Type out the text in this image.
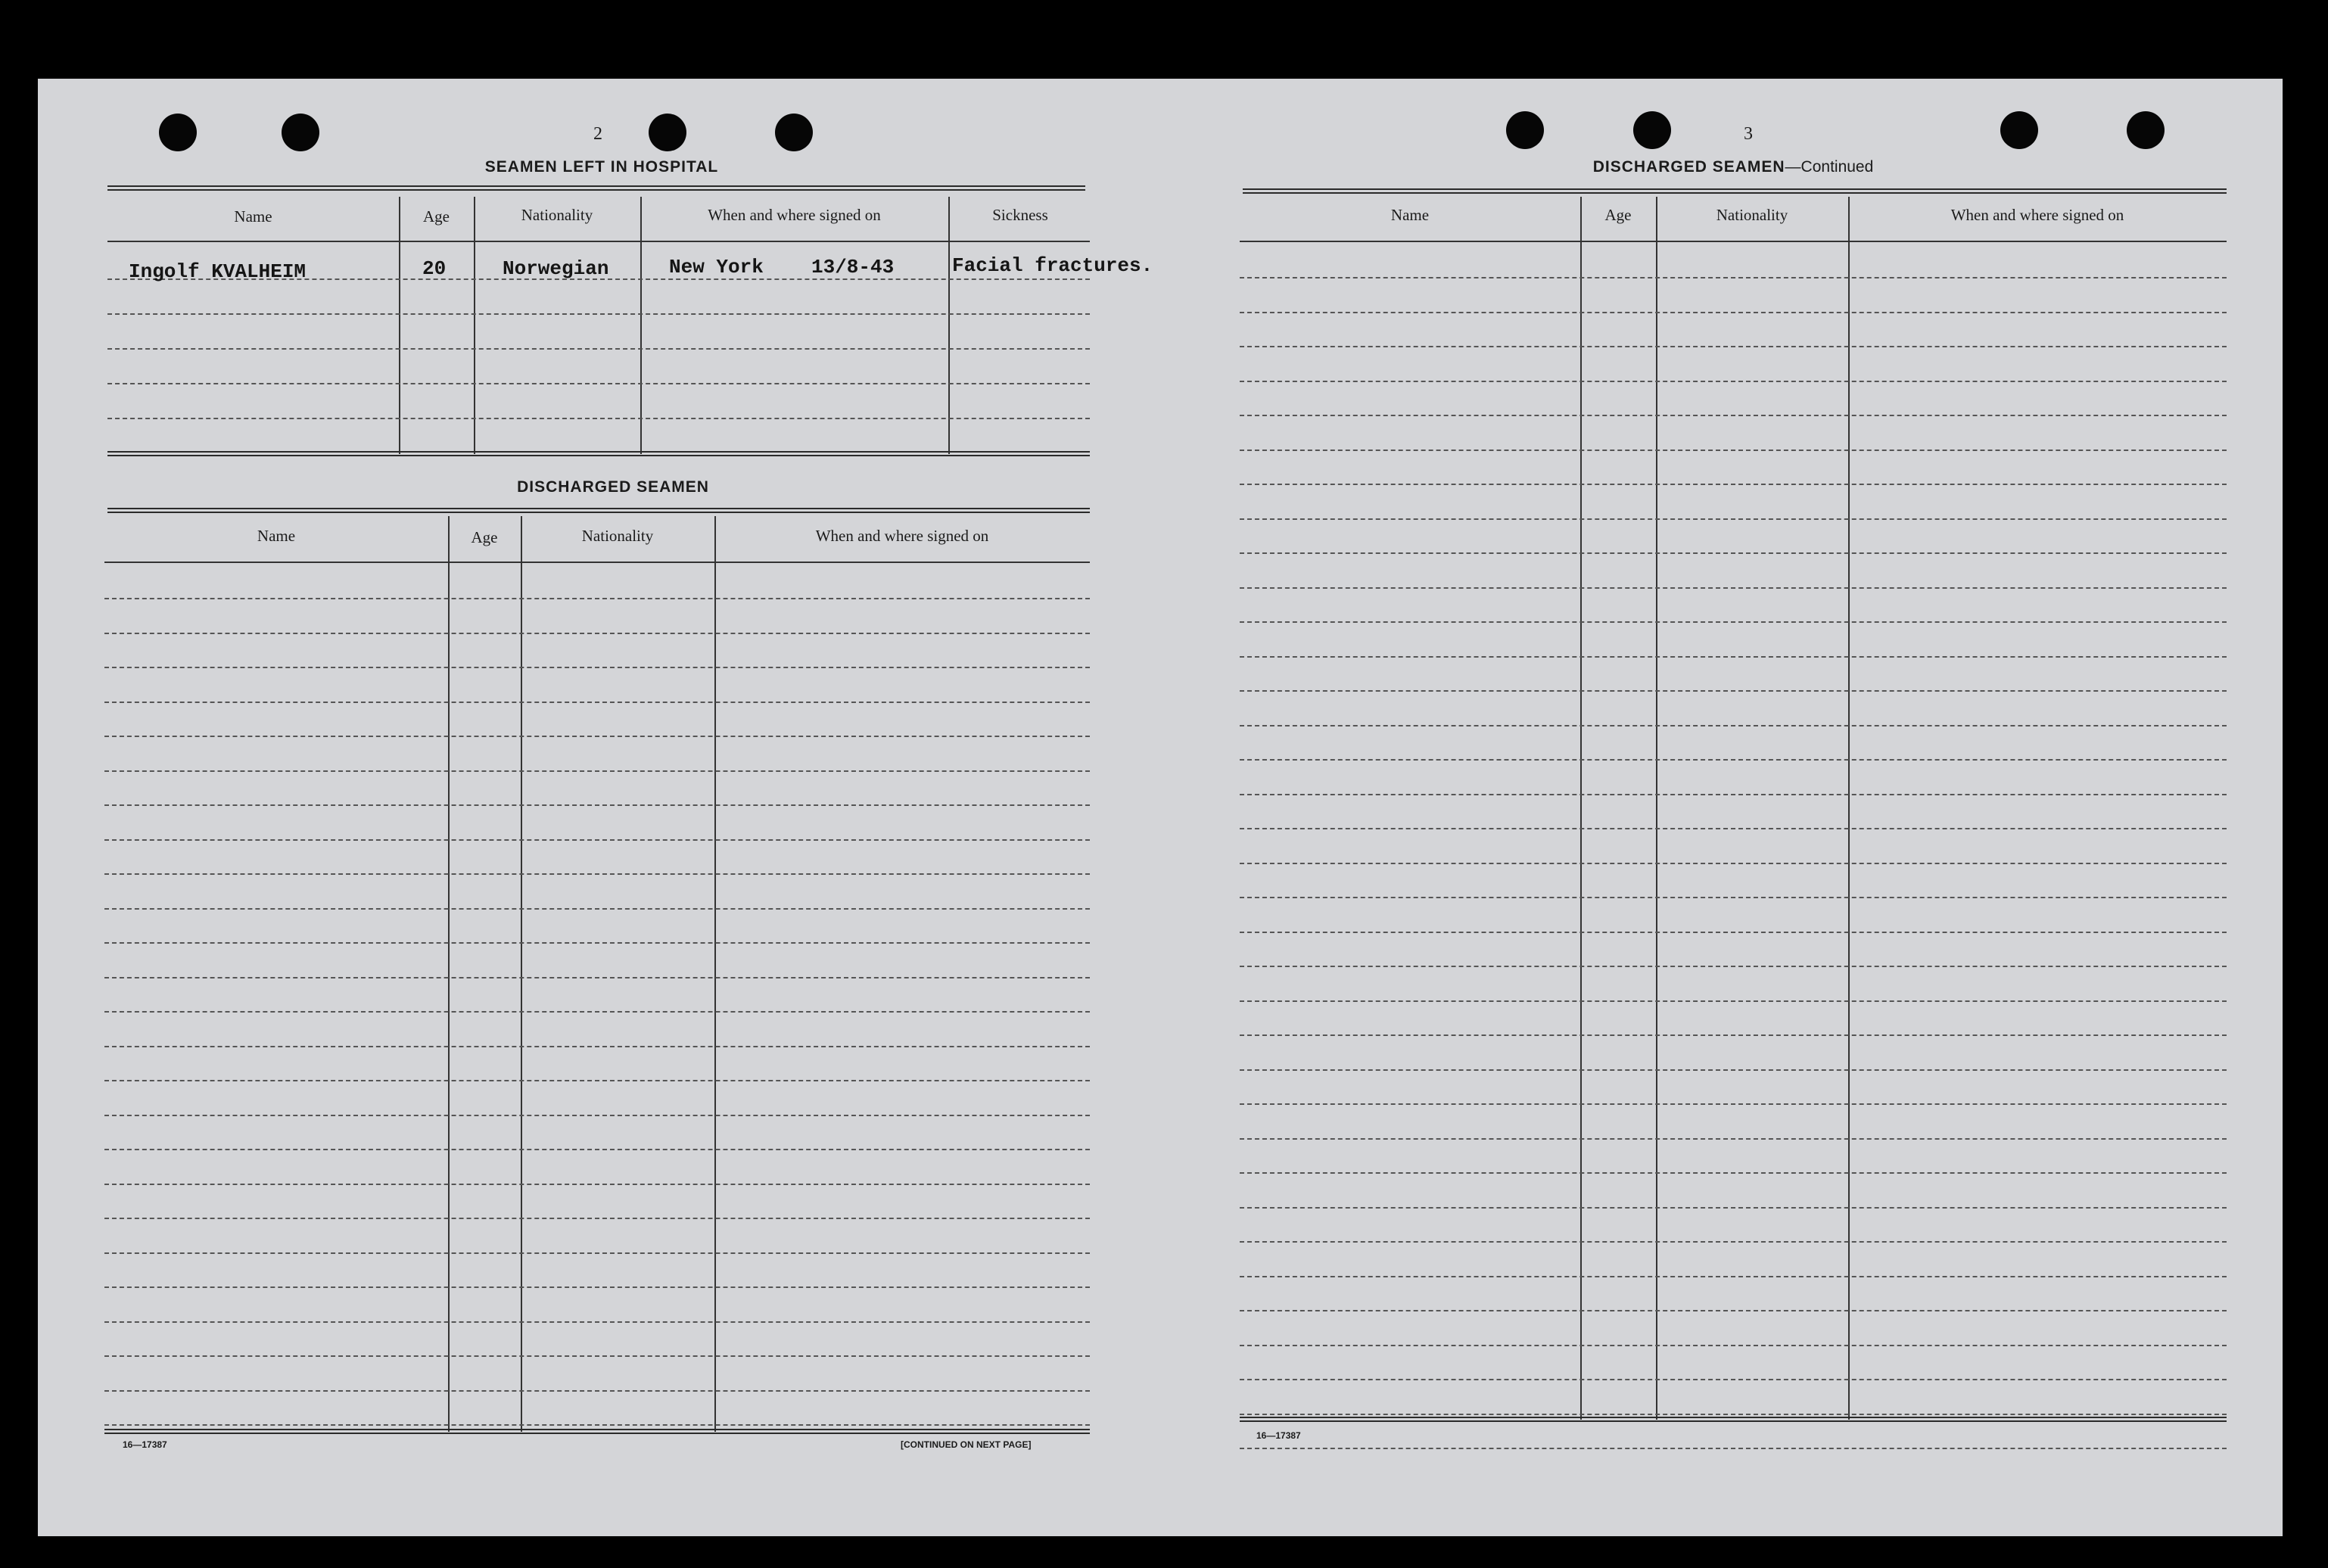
2
SEAMEN LEFT IN HOSPITAL
Name	Age	Nationality	When and where signed on	Sickness
Ingolf KVALHEIM	20	Norwegian	New York 13/8-43	Facial fractures.
DISCHARGED SEAMEN
Name	Age	Nationality	When and where signed on
16—17387	[CONTINUED ON NEXT PAGE]
3
DISCHARGED SEAMEN—Continued
Name	Age	Nationality	When and where signed on
16—17387
